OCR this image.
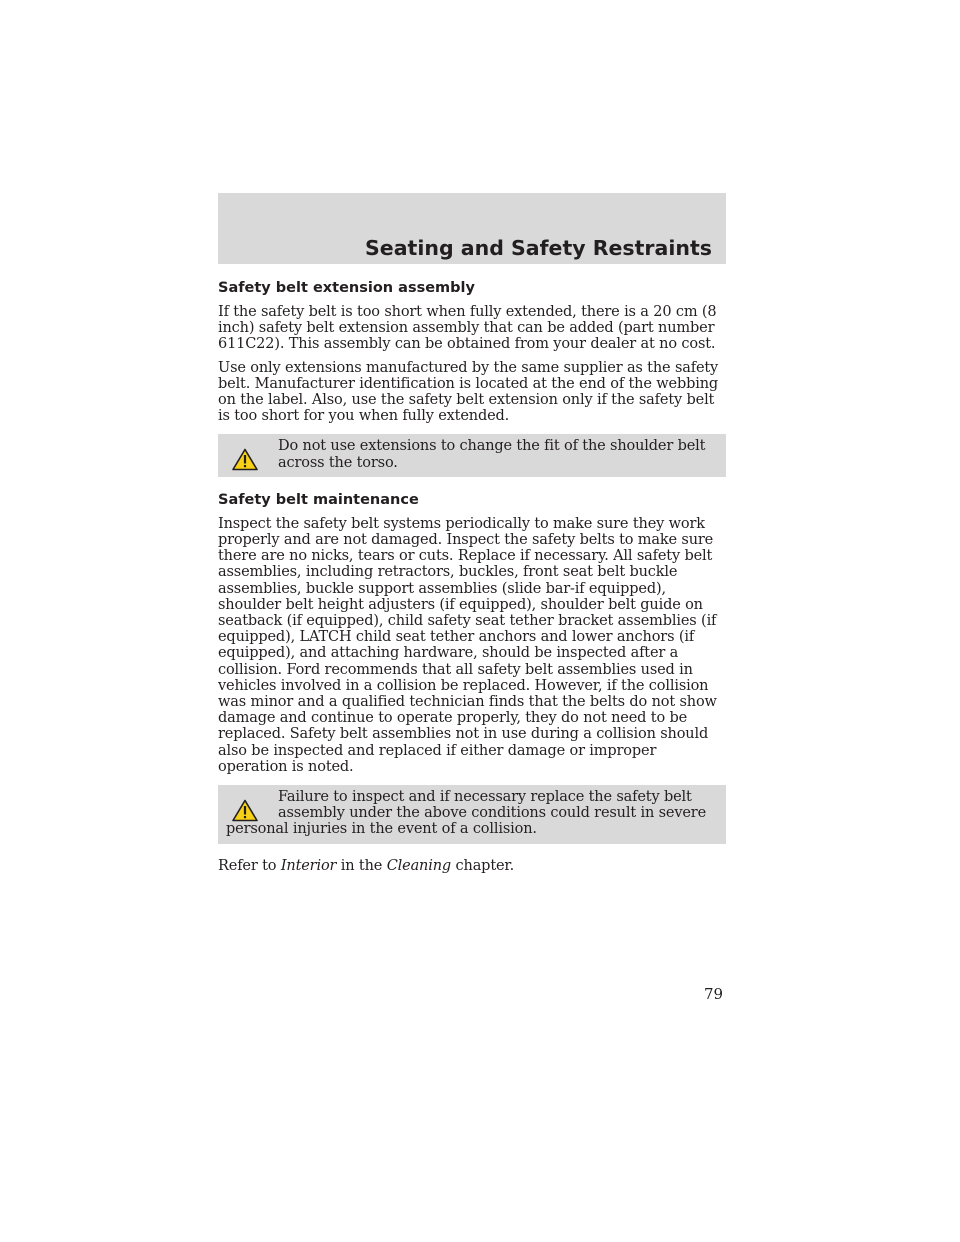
Seating and Safety Restraints
Safety belt extension assembly

If the safety belt is too short when fully extended, there is a 20 cm (8 inch) safety belt extension assembly that can be added (part number 611C22). This assembly can be obtained from your dealer at no cost.

Use only extensions manufactured by the same supplier as the safety belt. Manufacturer identification is located at the end of the webbing on the label. Also, use the safety belt extension only if the safety belt is too short for you when fully extended.

Do not use extensions to change the fit of the shoulder belt across the torso.
Safety belt maintenance

Inspect the safety belt systems periodically to make sure they work properly and are not damaged. Inspect the safety belts to make sure there are no nicks, tears or cuts. Replace if necessary. All safety belt assemblies, including retractors, buckles, front seat belt buckle assemblies, buckle support assemblies (slide bar-if equipped), shoulder belt height adjusters (if equipped), shoulder belt guide on seatback (if equipped), child safety seat tether bracket assemblies (if equipped), LATCH child seat tether anchors and lower anchors (if equipped), and attaching hardware, should be inspected after a collision. Ford recommends that all safety belt assemblies used in vehicles involved in a collision be replaced. However, if the collision was minor and a qualified technician finds that the belts do not show damage and continue to operate properly, they do not need to be replaced. Safety belt assemblies not in use during a collision should also be inspected and replaced if either damage or improper operation is noted.

Failure to inspect and if necessary replace the safety belt assembly under the above conditions could result in severe personal injuries in the event of a collision.

Refer to Interior in the Cleaning chapter.

79
